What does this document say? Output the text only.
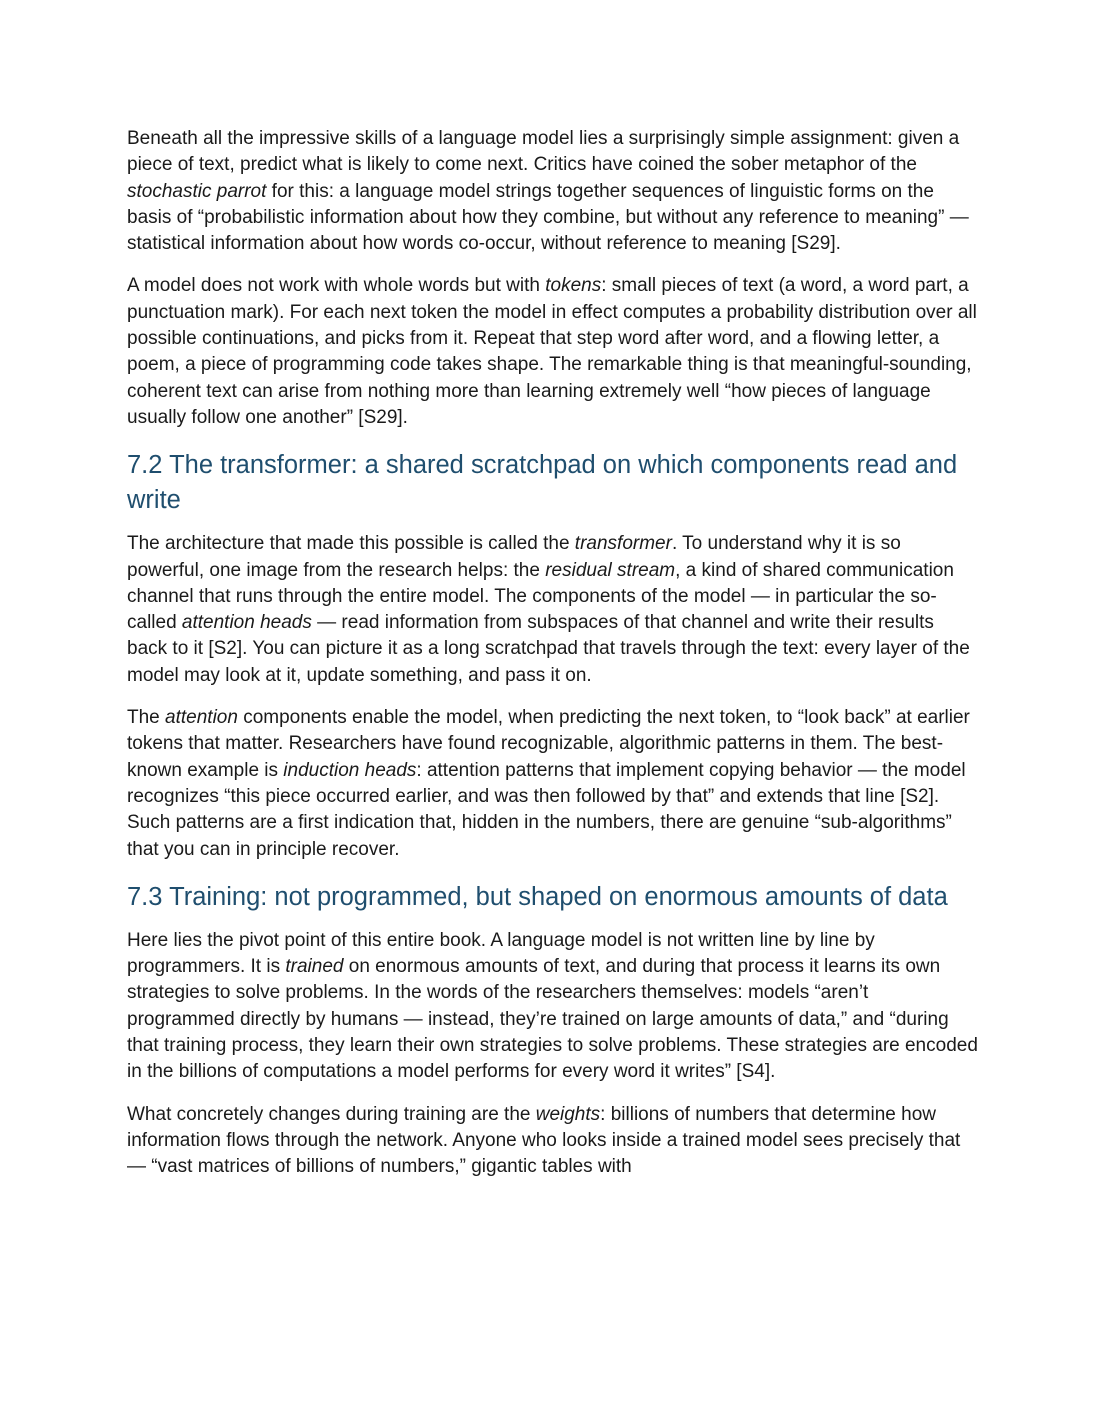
Beneath all the impressive skills of a language model lies a surprisingly simple assignment: given a piece of text, predict what is likely to come next. Critics have coined the sober metaphor of the stochastic parrot for this: a language model strings together sequences of linguistic forms on the basis of “probabilistic information about how they combine, but without any reference to meaning” — statistical information about how words co-occur, without reference to meaning [S29].

A model does not work with whole words but with tokens: small pieces of text (a word, a word part, a punctuation mark). For each next token the model in effect computes a probability distribution over all possible continuations, and picks from it. Repeat that step word after word, and a flowing letter, a poem, a piece of programming code takes shape. The remarkable thing is that meaningful-sounding, coherent text can arise from nothing more than learning extremely well “how pieces of language usually follow one another” [S29].

7.2 The transformer: a shared scratchpad on which components read and write

The architecture that made this possible is called the transformer. To understand why it is so powerful, one image from the research helps: the residual stream, a kind of shared communication channel that runs through the entire model. The components of the model — in particular the so-called attention heads — read information from subspaces of that channel and write their results back to it [S2]. You can picture it as a long scratchpad that travels through the text: every layer of the model may look at it, update something, and pass it on.

The attention components enable the model, when predicting the next token, to “look back” at earlier tokens that matter. Researchers have found recognizable, algorithmic patterns in them. The best-known example is induction heads: attention patterns that implement copying behavior — the model recognizes “this piece occurred earlier, and was then followed by that” and extends that line [S2]. Such patterns are a first indication that, hidden in the numbers, there are genuine “sub-algorithms” that you can in principle recover.

7.3 Training: not programmed, but shaped on enormous amounts of data

Here lies the pivot point of this entire book. A language model is not written line by line by programmers. It is trained on enormous amounts of text, and during that process it learns its own strategies to solve problems. In the words of the researchers themselves: models “aren’t programmed directly by humans — instead, they’re trained on large amounts of data,” and “during that training process, they learn their own strategies to solve problems. These strategies are encoded in the billions of computations a model performs for every word it writes” [S4].

What concretely changes during training are the weights: billions of numbers that determine how information flows through the network. Anyone who looks inside a trained model sees precisely that — “vast matrices of billions of numbers,” gigantic tables with
